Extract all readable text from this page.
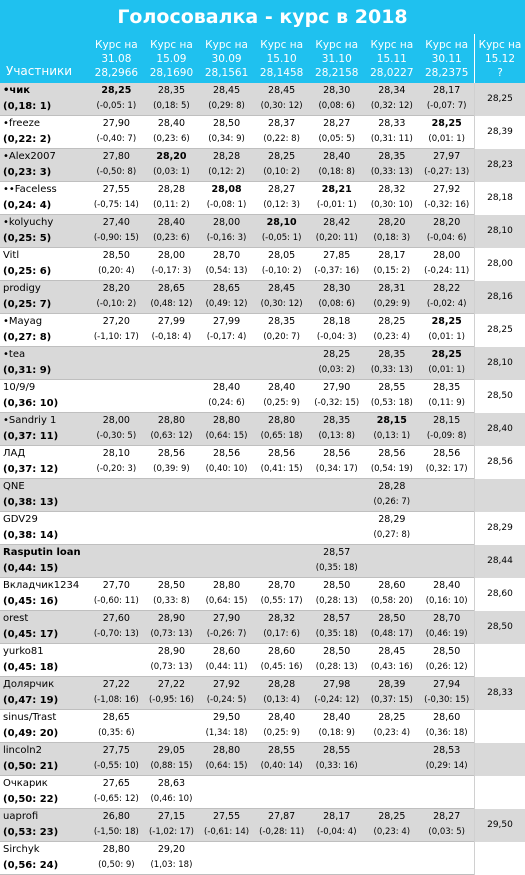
Голосовалка - курс в 2018
Участники	Курс на
31.08
28,2966	Курс на
15.09
28,1690	Курс на
30.09
28,1561	Курс на
15.10
28,1458	Курс на
31.10
28,2158	Курс на
15.11
28,0227	Курс на
30.11
28,2375	Курс на
15.12
?

•чик	28,25	28,35	28,45	28,45	28,30	28,34	28,17	28,25
(0,18: 1)	(-0,05: 1)	(0,18: 5)	(0,29: 8)	(0,30: 12)	(0,08: 6)	(0,32: 12)	(-0,07: 7)	

•freeze	27,90	28,40	28,50	28,37	28,27	28,33	28,25	28,39
(0,22: 2)	(-0,40: 7)	(0,23: 6)	(0,34: 9)	(0,22: 8)	(0,05: 5)	(0,31: 11)	(0,01: 1)	

•Alex2007	27,80	28,20	28,28	28,25	28,40	28,35	27,97	28,23
(0,23: 3)	(-0,50: 8)	(0,03: 1)	(0,12: 2)	(0,10: 2)	(0,18: 8)	(0,33: 13)	(-0,27: 13)	

••Faceless	27,55	28,28	28,08	28,27	28,21	28,32	27,92	28,18
(0,24: 4)	(-0,75: 14)	(0,11: 2)	(-0,08: 1)	(0,12: 3)	(-0,01: 1)	(0,30: 10)	(-0,32: 16)	

•kolyuchy	27,40	28,40	28,00	28,10	28,42	28,20	28,20	28,10
(0,25: 5)	(-0,90: 15)	(0,23: 6)	(-0,16: 3)	(-0,05: 1)	(0,20: 11)	(0,18: 3)	(-0,04: 6)	

Vitl	28,50	28,00	28,70	28,05	27,85	28,17	28,00	28,00
(0,25: 6)	(0,20: 4)	(-0,17: 3)	(0,54: 13)	(-0,10: 2)	(-0,37: 16)	(0,15: 2)	(-0,24: 11)	

prodigy	28,20	28,65	28,65	28,45	28,30	28,31	28,22	28,16
(0,25: 7)	(-0,10: 2)	(0,48: 12)	(0,49: 12)	(0,30: 12)	(0,08: 6)	(0,29: 9)	(-0,02: 4)	

•Mayag	27,20	27,99	27,99	28,35	28,18	28,25	28,25	28,25
(0,27: 8)	(-1,10: 17)	(-0,18: 4)	(-0,17: 4)	(0,20: 7)	(-0,04: 3)	(0,23: 4)	(0,01: 1)	

•tea					28,25	28,35	28,25	28,10
(0,31: 9)					(0,03: 2)	(0,33: 13)	(0,01: 1)	

10/9/9			28,40	28,40	27,90	28,55	28,35	28,50
(0,36: 10)			(0,24: 6)	(0,25: 9)	(-0,32: 15)	(0,53: 18)	(0,11: 9)	

•Sandriy 1	28,00	28,80	28,80	28,80	28,35	28,15	28,15	28,40
(0,37: 11)	(-0,30: 5)	(0,63: 12)	(0,64: 15)	(0,65: 18)	(0,13: 8)	(0,13: 1)	(-0,09: 8)	

ЛАД	28,10	28,56	28,56	28,56	28,56	28,56	28,56	28,56
(0,37: 12)	(-0,20: 3)	(0,39: 9)	(0,40: 10)	(0,41: 15)	(0,34: 17)	(0,54: 19)	(0,32: 17)	

QNE						28,28		

(0,38: 13)						(0,26: 7)		

GDV29						28,29		28,29
(0,38: 14)						(0,27: 8)		

Rasputin loan					28,57			28,44
(0,44: 15)					(0,35: 18)			

Вкладчик1234	27,70	28,50	28,80	28,70	28,50	28,60	28,40	28,60
(0,45: 16)	(-0,60: 11)	(0,33: 8)	(0,64: 15)	(0,55: 17)	(0,28: 13)	(0,58: 20)	(0,16: 10)	

orest	27,60	28,90	27,90	28,32	28,57	28,50	28,70	28,50
(0,45: 17)	(-0,70: 13)	(0,73: 13)	(-0,26: 7)	(0,17: 6)	(0,35: 18)	(0,48: 17)	(0,46: 19)	

yurko81		28,90	28,60	28,60	28,50	28,45	28,50	

(0,45: 18)		(0,73: 13)	(0,44: 11)	(0,45: 16)	(0,28: 13)	(0,43: 16)	(0,26: 12)	

Долярчик	27,22	27,22	27,92	28,28	27,98	28,39	27,94	28,33
(0,47: 19)	(-1,08: 16)	(-0,95: 16)	(-0,24: 5)	(0,13: 4)	(-0,24: 12)	(0,37: 15)	(-0,30: 15)	

sinus/Trast	28,65		29,50	28,40	28,40	28,25	28,60	

(0,49: 20)	(0,35: 6)		(1,34: 18)	(0,25: 9)	(0,18: 9)	(0,23: 4)	(0,36: 18)	

lincoln2	27,75	29,05	28,80	28,55	28,55		28,53	

(0,50: 21)	(-0,55: 10)	(0,88: 15)	(0,64: 15)	(0,40: 14)	(0,33: 16)		(0,29: 14)	

Очкарик	27,65	28,63						

(0,50: 22)	(-0,65: 12)	(0,46: 10)						

uaprofi	26,80	27,15	27,55	27,87	28,17	28,25	28,27	29,50
(0,53: 23)	(-1,50: 18)	(-1,02: 17)	(-0,61: 14)	(-0,28: 11)	(-0,04: 4)	(0,23: 4)	(0,03: 5)	

Sirchyk	28,80	29,20						

(0,56: 24)	(0,50: 9)	(1,03: 18)						
